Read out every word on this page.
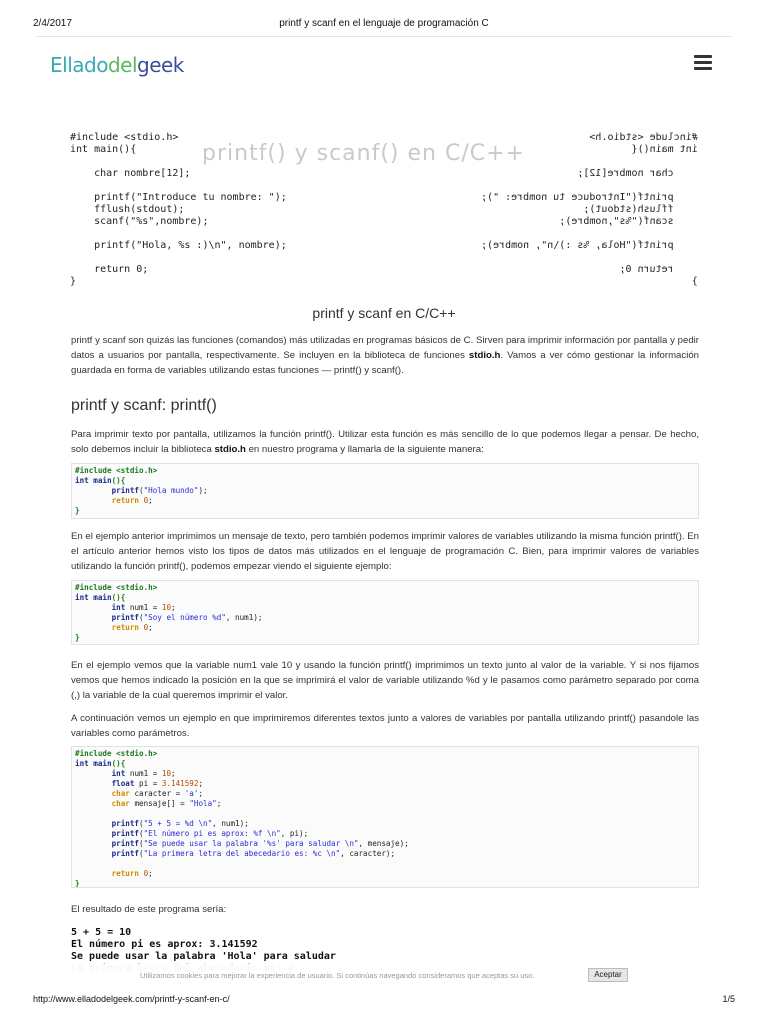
2/4/2017	printf y scanf en el lenguaje de programación C
Elladodelgeek
#include <stdio.h>
int main(){

char nombre[12];

printf("Introduce tu nombre: ");
fflush(stdout);
scanf("%s",nombre);

printf("Hola, %s :)\n", nombre);

return 0;
}
#include <stdio.h>
int main(){

char nombre[12];

printf("Introduce tu nombre: ");
fflush(stdout);
scanf("%s",nombre);

printf("Hola, %s :)\n", nombre);

return 0;
}
printf() y scanf() en C/C++
printf y scanf en C/C++
printf y scanf son quizás las funciones (comandos) más utilizadas en programas básicos de C. Sirven para imprimir información por pantalla y pedir datos a usuarios por pantalla, respectivamente. Se incluyen en la biblioteca de funciones stdio.h. Vamos a ver cómo gestionar la información guardada en forma de variables utilizando estas funciones — printf() y scanf().
printf y scanf: printf()
Para imprimir texto por pantalla, utilizamos la función printf(). Utilizar esta función es más sencillo de lo que podemos llegar a pensar. De hecho, solo debemos incluir la biblioteca stdio.h en nuestro programa y llamarla de la siguiente manera:
#include <stdio.h>
int main(){
printf("Hola mundo");
return 0;
}
En el ejemplo anterior imprimimos un mensaje de texto, pero también podemos imprimir valores de variables utilizando la misma función printf(). En el artículo anterior hemos visto los tipos de datos más utilizados en el lenguaje de programación C. Bien, para imprimir valores de variables utilizando la función printf(), podemos empezar viendo el siguiente ejemplo:
#include <stdio.h>
int main(){
int num1 = 10;
printf("Soy el número %d", num1);
return 0;
}
En el ejemplo vemos que la variable num1 vale 10 y usando la función printf() imprimimos un texto junto al valor de la variable. Y si nos fijamos vemos que hemos indicado la posición en la que se imprimirá el valor de variable utilizando %d y le pasamos como parámetro separado por coma (,) la variable de la cual queremos imprimir el valor.
A continuación vemos un ejemplo en que imprimiremos diferentes textos junto a valores de variables por pantalla utilizando printf() pasandole las variables como parámetros.
#include <stdio.h>
int main(){
int num1 = 10;
float pi = 3.141592;
char caracter = 'a';
char mensaje[] = "Hola";

printf("5 + 5 = %d \n", num1);
printf("El número pi es aprox: %f \n", pi);
printf("Se puede usar la palabra '%s' para saludar \n", mensaje);
printf("La primera letra del abecedario es: %c \n", caracter);

return 0;
}
El resultado de este programa sería:
5 + 5 = 10
El número pi es aprox: 3.141592
Se puede usar la palabra 'Hola' para saludar
Utilizamos cookies para mejorar la experiencia de usuario. Si continúas navegando consideramos que aceptas su uso.	Aceptar
http://www.elladodelgeek.com/printf-y-scanf-en-c/	1/5
